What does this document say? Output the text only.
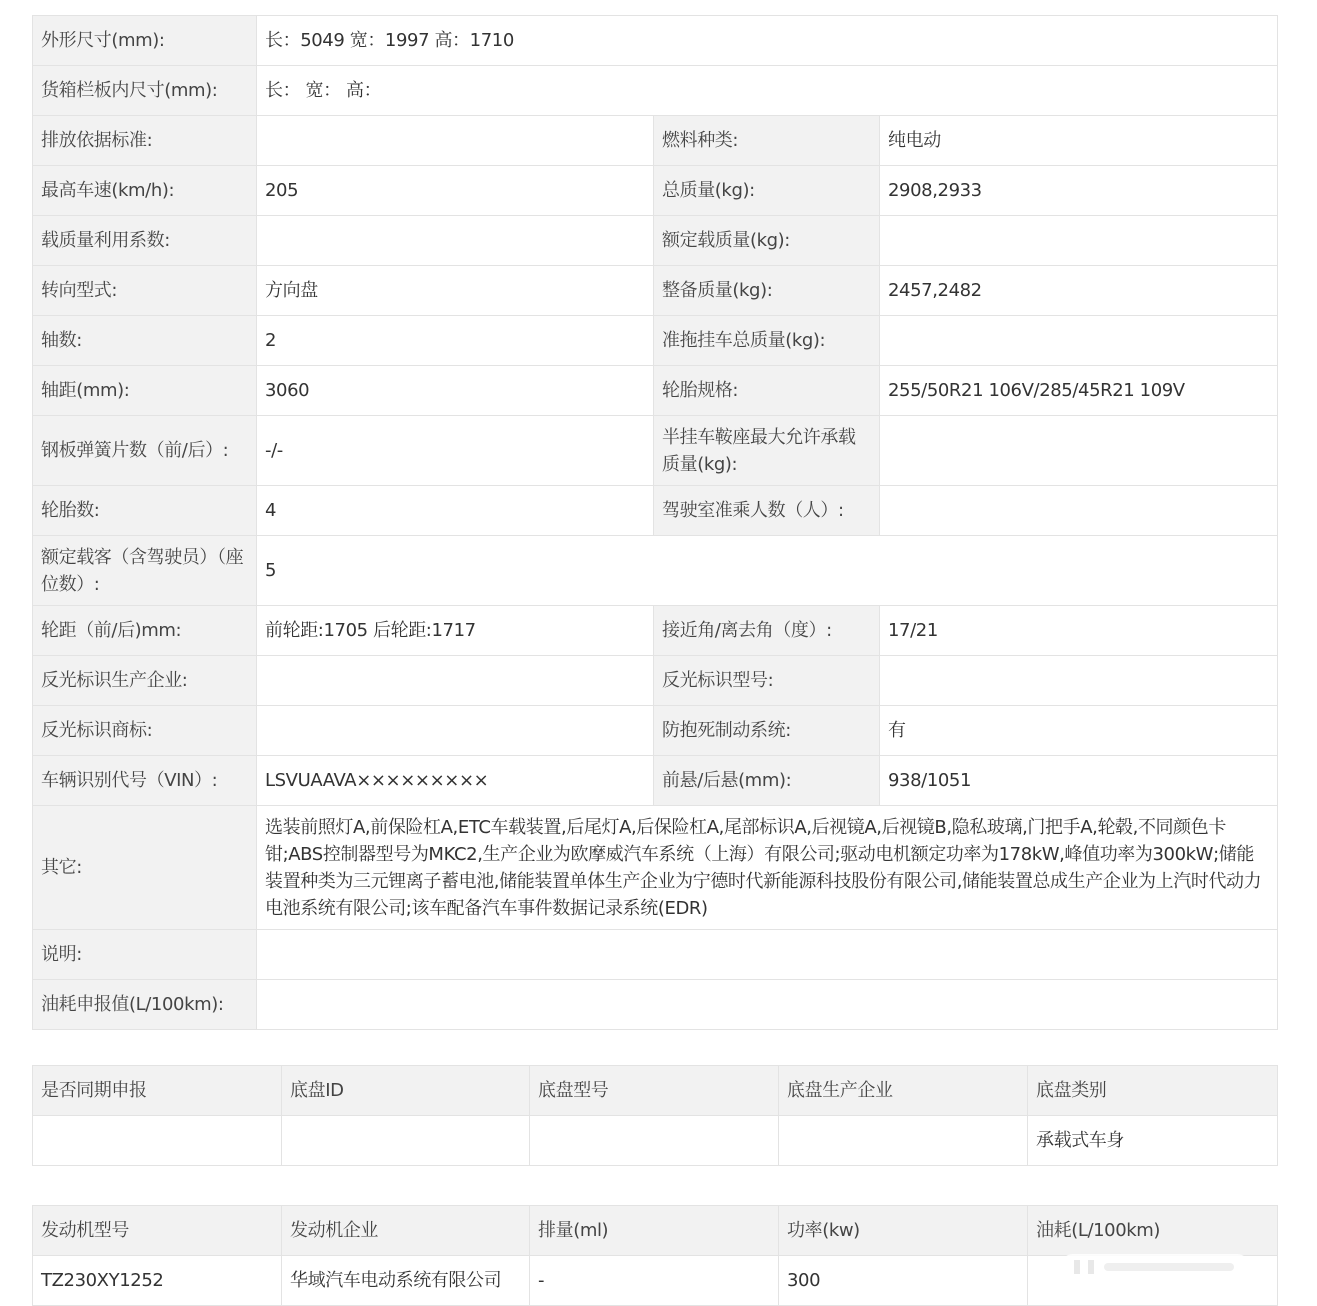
外形尺寸(mm):	长：5049 宽：1997 高：1710		
货箱栏板内尺寸(mm):	长： 宽： 高：		
排放依据标准:		燃料种类:	纯电动
最高车速(km/h):	205	总质量(kg):	2908,2933
载质量利用系数:		额定载质量(kg):	
转向型式:	方向盘	整备质量(kg):	2457,2482
轴数:	2	准拖挂车总质量(kg):	
轴距(mm):	3060	轮胎规格:	255/50R21 106V/285/45R21 109V
钢板弹簧片数（前/后）:	-/-	半挂车鞍座最大允许承载质量(kg):	
轮胎数:	4	驾驶室准乘人数（人）:	
额定载客（含驾驶员）（座位数）:	5		
轮距（前/后)mm:	前轮距:1705 后轮距:1717	接近角/离去角（度）:	17/21
反光标识生产企业:		反光标识型号:	
反光标识商标:		防抱死制动系统:	有
车辆识别代号（VIN）:	LSVUAAVA×××××××××	前悬/后悬(mm):	938/1051
其它:	选装前照灯A,前保险杠A,ETC车载装置,后尾灯A,后保险杠A,尾部标识A,后视镜A,后视镜B,隐私玻璃,门把手A,轮毂,不同颜色卡钳;ABS控制器型号为MKC2,生产企业为欧摩威汽车系统（上海）有限公司;驱动电机额定功率为178kW,峰值功率为300kW;储能装置种类为三元锂离子蓄电池,储能装置单体生产企业为宁德时代新能源科技股份有限公司,储能装置总成生产企业为上汽时代动力电池系统有限公司;该车配备汽车事件数据记录系统(EDR)		
说明:			
油耗申报值(L/100km):			
是否同期申报	底盘ID	底盘型号	底盘生产企业	底盘类别
				承载式车身
发动机型号	发动机企业	排量(ml)	功率(kw)	油耗(L/100km)
TZ230XY1252	华域汽车电动系统有限公司	-	300	
